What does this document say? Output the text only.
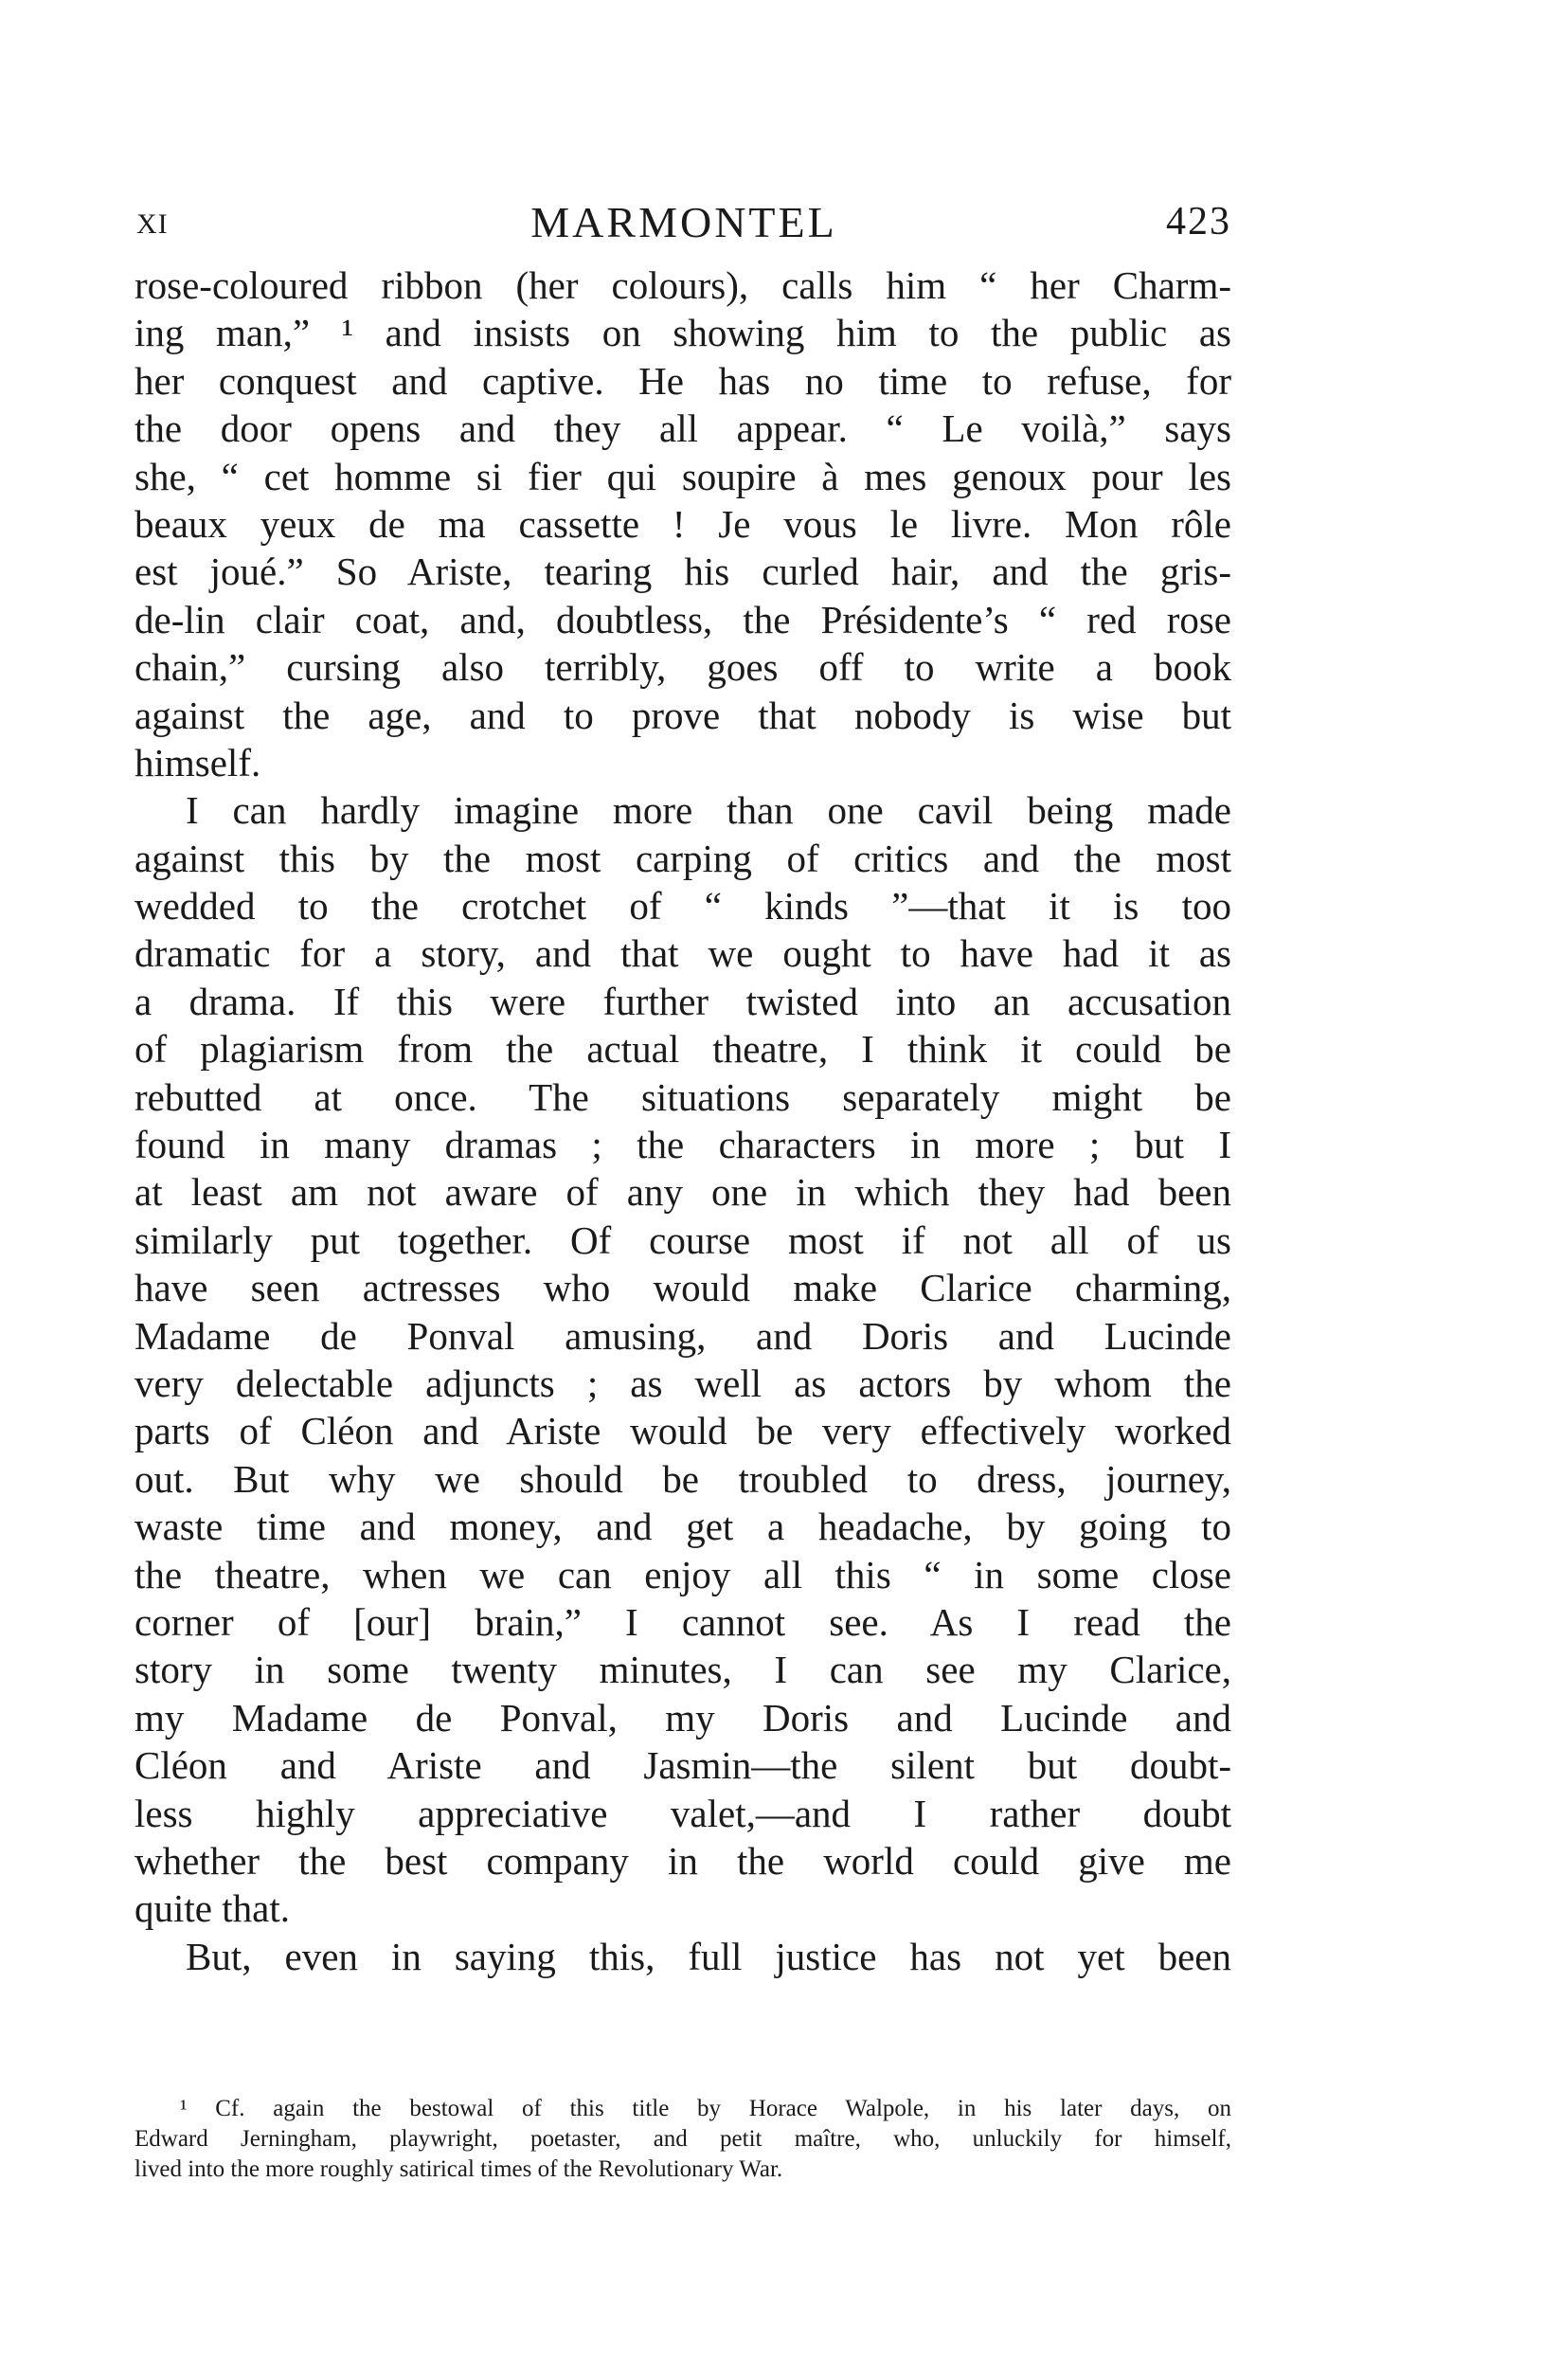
XI	MARMONTEL	423
rose-coloured ribbon (her colours), calls him “ her Charm-
ing man,” ¹ and insists on showing him to the public as
her conquest and captive. He has no time to refuse, for
the door opens and they all appear. “ Le voilà,” says
she, “ cet homme si fier qui soupire à mes genoux pour les
beaux yeux de ma cassette ! Je vous le livre. Mon rôle
est joué.” So Ariste, tearing his curled hair, and the gris-
de-lin clair coat, and, doubtless, the Présidente’s “ red rose
chain,” cursing also terribly, goes off to write a book
against the age, and to prove that nobody is wise but
himself.
I can hardly imagine more than one cavil being made
against this by the most carping of critics and the most
wedded to the crotchet of “ kinds ”—that it is too
dramatic for a story, and that we ought to have had it as
a drama. If this were further twisted into an accusation
of plagiarism from the actual theatre, I think it could be
rebutted at once. The situations separately might be
found in many dramas ; the characters in more ; but I
at least am not aware of any one in which they had been
similarly put together. Of course most if not all of us
have seen actresses who would make Clarice charming,
Madame de Ponval amusing, and Doris and Lucinde
very delectable adjuncts ; as well as actors by whom the
parts of Cléon and Ariste would be very effectively worked
out. But why we should be troubled to dress, journey,
waste time and money, and get a headache, by going to
the theatre, when we can enjoy all this “ in some close
corner of [our] brain,” I cannot see. As I read the
story in some twenty minutes, I can see my Clarice,
my Madame de Ponval, my Doris and Lucinde and
Cléon and Ariste and Jasmin—the silent but doubt-
less highly appreciative valet,—and I rather doubt
whether the best company in the world could give me
quite that.
But, even in saying this, full justice has not yet been
¹ Cf. again the bestowal of this title by Horace Walpole, in his later days, on
Edward Jerningham, playwright, poetaster, and petit maître, who, unluckily for himself,
lived into the more roughly satirical times of the Revolutionary War.
